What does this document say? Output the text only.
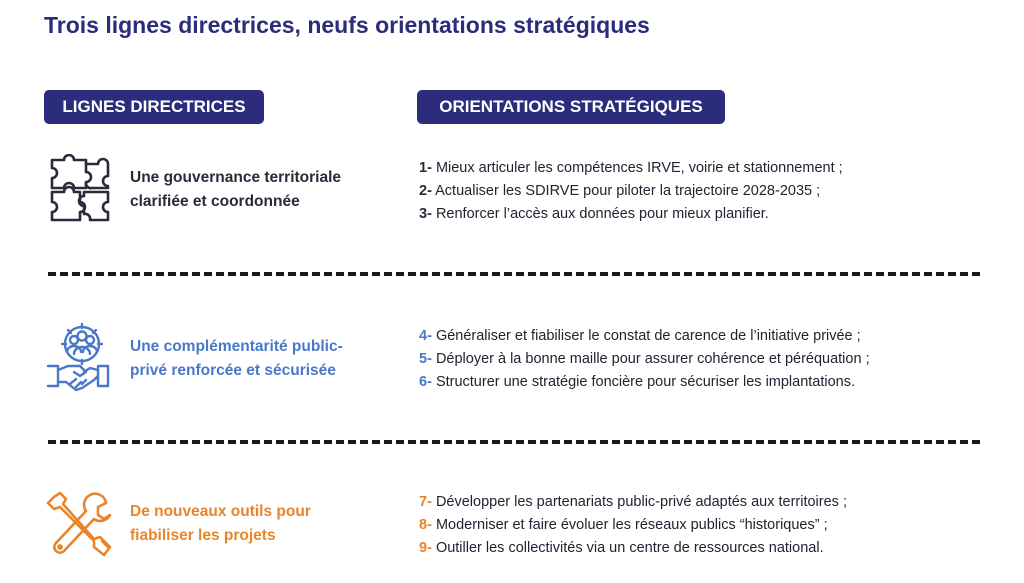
Trois lignes directrices, neufs orientations stratégiques
LIGNES DIRECTRICES	ORIENTATIONS STRATÉGIQUES
Une gouvernance territoriale
clarifiée et coordonnée
1- Mieux articuler les compétences IRVE, voirie et stationnement ;
2- Actualiser les SDIRVE pour piloter la trajectoire 2028-2035 ;
3- Renforcer l’accès aux données pour mieux planifier.
Une complémentarité public-
privé renforcée et sécurisée
4- Généraliser et fiabiliser le constat de carence de l’initiative privée ;
5- Déployer à la bonne maille pour assurer cohérence et péréquation ;
6- Structurer une stratégie foncière pour sécuriser les implantations.
De nouveaux outils pour
fiabiliser les projets
7- Développer les partenariats public-privé adaptés aux territoires ;
8- Moderniser et faire évoluer les réseaux publics “historiques” ;
9- Outiller les collectivités via un centre de ressources national.
